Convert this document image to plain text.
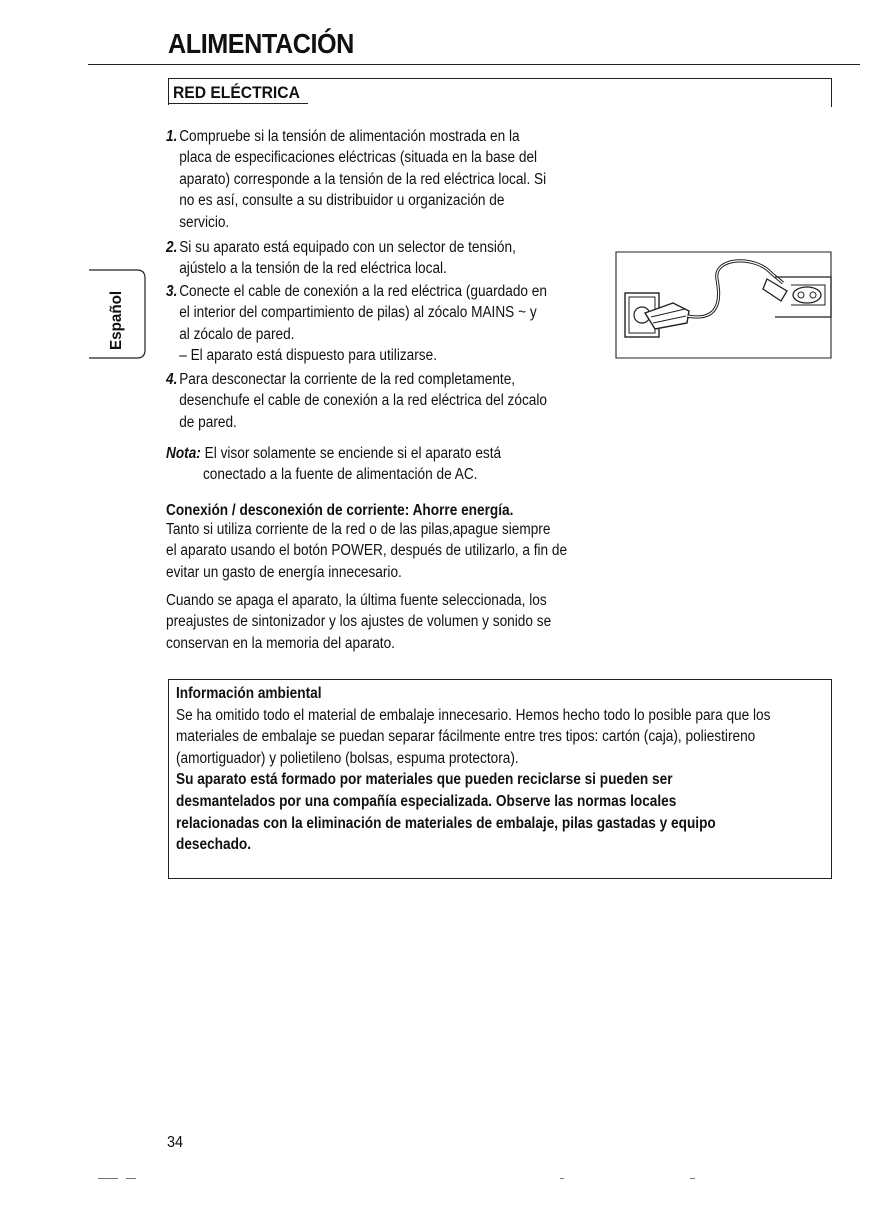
ALIMENTACIÓN
RED ELÉCTRICA
Español
1. Compruebe si la tensión de alimentación mostrada en la
placa de especificaciones eléctricas (situada en la base del
aparato) corresponde a la tensión de la red eléctrica local. Si
no es así, consulte a su distribuidor u organización de
servicio.
2. Si su aparato está equipado con un selector de tensión,
ajústelo a la tensión de la red eléctrica local.
3. Conecte el cable de conexión a la red eléctrica (guardado en
el interior del compartimiento de pilas) al zócalo MAINS ~ y
al zócalo de pared.
– El aparato está dispuesto para utilizarse.
4. Para desconectar la corriente de la red completamente,
desenchufe el cable de conexión a la red eléctrica del zócalo
de pared.
Nota: El visor solamente se enciende si el aparato está
conectado a la fuente de alimentación de AC.
Conexión / desconexión de corriente: Ahorre energía.
Tanto si utiliza corriente de la red o de las pilas,apague siempre
el aparato usando el botón POWER, después de utilizarlo, a fin de
evitar un gasto de energía innecesario.
Cuando se apaga el aparato, la última fuente seleccionada, los
preajustes de sintonizador y los ajustes de volumen y sonido se
conservan en la memoria del aparato.
Información ambiental
Se ha omitido todo el material de embalaje innecesario. Hemos hecho todo lo posible para que los
materiales de embalaje se puedan separar fácilmente entre tres tipos: cartón (caja), poliestireno
(amortiguador) y polietileno (bolsas, espuma protectora).
Su aparato está formado por materiales que pueden reciclarse si pueden ser
desmantelados por una compañía especializada. Observe las normas locales
relacionadas con la eliminación de materiales de embalaje, pilas gastadas y equipo
desechado.
34
